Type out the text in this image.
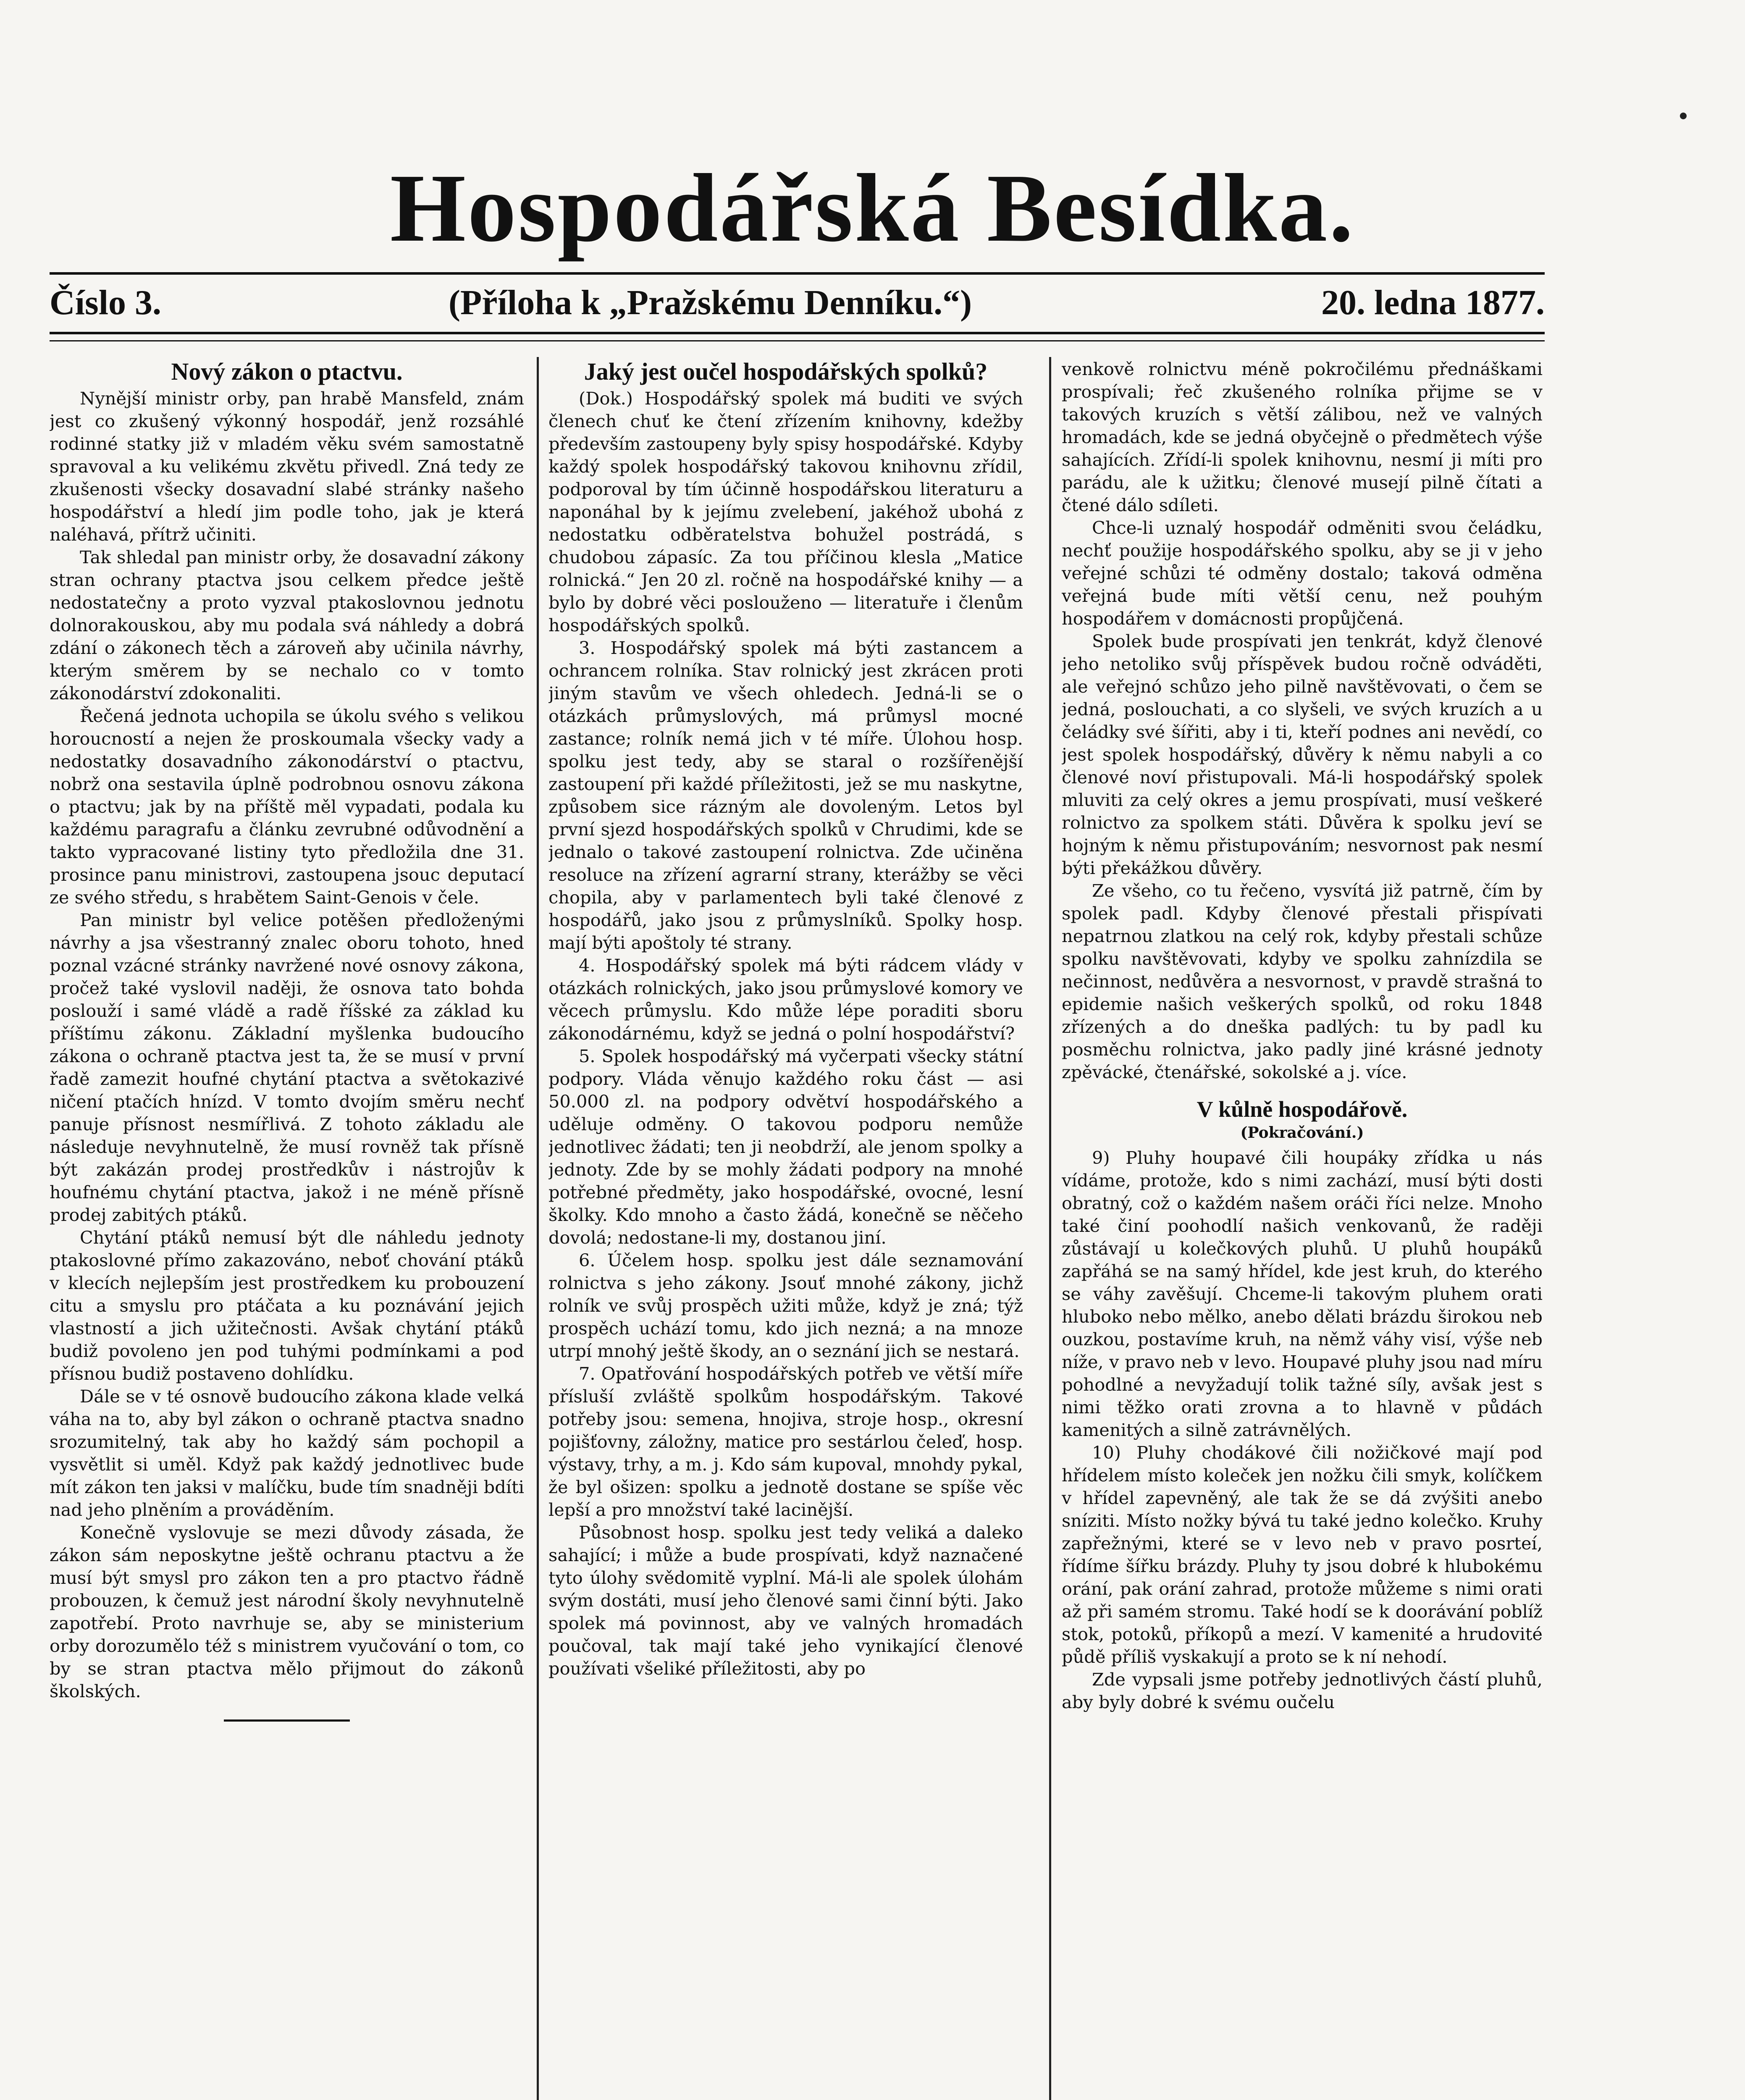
Hospodářská Besídka.
Číslo 3.	(Příloha k „Pražskému Denníku.“)	20. ledna 1877.
Nový zákon o ptactvu.

Nynější ministr orby, pan hrabě Mansfeld, znám jest co zkušený výkonný hospodář, jenž rozsáhlé rodinné statky již v mladém věku svém samostatně spravoval a ku velikému zkvětu přivedl. Zná tedy ze zkušenosti všecky dosavadní slabé stránky našeho hospodářství a hledí jim podle toho, jak je která naléhavá, přítrž učiniti.

Tak shledal pan ministr orby, že dosavadní zákony stran ochrany ptactva jsou celkem předce ještě nedostatečny a proto vyzval ptakoslovnou jednotu dolnorakouskou, aby mu podala svá náhledy a dobrá zdání o zákonech těch a zároveň aby učinila návrhy, kterým směrem by se nechalo co v tomto zákonodárství zdokonaliti.

Řečená jednota uchopila se úkolu svého s velikou horoucností a nejen že proskoumala všecky vady a nedostatky dosavadního zákonodárství o ptactvu, nobrž ona sestavila úplně podrobnou osnovu zákona o ptactvu; jak by na příště měl vypadati, podala ku každému paragrafu a článku zevrubné odůvodnění a takto vypracované listiny tyto předložila dne 31. prosince panu ministrovi, zastoupena jsouc deputací ze svého středu, s hrabětem Saint-Genois v čele.

Pan ministr byl velice potěšen předloženými návrhy a jsa všestranný znalec oboru tohoto, hned poznal vzácné stránky navržené nové osnovy zákona, pročež také vyslovil naději, že osnova tato bohda poslouží i samé vládě a radě říšské za základ ku příštímu zákonu. Základní myšlenka budoucího zákona o ochraně ptactva jest ta, že se musí v první řadě zamezit houfné chytání ptactva a světokazivé ničení ptačích hnízd. V tomto dvojím směru nechť panuje přísnost nesmířlivá. Z tohoto základu ale následuje nevyhnutelně, že musí rovněž tak přísně být zakázán prodej prostředkův i nástrojův k houfnému chytání ptactva, jakož i ne méně přísně prodej zabitých ptáků.

Chytání ptáků nemusí být dle náhledu jednoty ptakoslovné přímo zakazováno, neboť chování ptáků v klecích nejlepším jest prostředkem ku probouzení citu a smyslu pro ptáčata a ku poznávání jejich vlastností a jich užitečnosti. Avšak chytání ptáků budiž povoleno jen pod tuhými podmínkami a pod přísnou budiž postaveno dohlídku.

Dále se v té osnově budoucího zákona klade velká váha na to, aby byl zákon o ochraně ptactva snadno srozumitelný, tak aby ho každý sám pochopil a vysvětlit si uměl. Když pak každý jednotlivec bude mít zákon ten jaksi v malíčku, bude tím snadněji bdíti nad jeho plněním a prováděním.

Konečně vyslovuje se mezi důvody zásada, že zákon sám neposkytne ještě ochranu ptactvu a že musí být smysl pro zákon ten a pro ptactvo řádně probouzen, k čemuž jest národní školy nevyhnutelně zapotřebí. Proto navrhuje se, aby se ministerium orby dorozumělo též s ministrem vyučování o tom, co by se stran ptactva mělo přijmout do zákonů školských.

Jaký jest oučel hospodářských spolků?

(Dok.) Hospodářský spolek má buditi ve svých členech chuť ke čtení zřízením knihovny, kdežby především zastoupeny byly spisy hospodářské. Kdyby každý spolek hospodářský takovou knihovnu zřídil, podporoval by tím účinně hospodářskou literaturu a naponáhal by k jejímu zvelebení, jakéhož ubohá z nedostatku odběratelstva bohužel postrádá, s chudobou zápasíc. Za tou příčinou klesla „Matice rolnická.“ Jen 20 zl. ročně na hospodářské knihy — a bylo by dobré věci poslouženo — literatuře i členům hospodářských spolků.

3. Hospodářský spolek má býti zastancem a ochrancem rolníka. Stav rolnický jest zkrácen proti jiným stavům ve všech ohledech. Jedná-li se o otázkách průmyslových, má průmysl mocné zastance; rolník nemá jich v té míře. Úlohou hosp. spolku jest tedy, aby se staral o rozšířenější zastoupení při každé příležitosti, jež se mu naskytne, způsobem sice rázným ale dovoleným. Letos byl první sjezd hospodářských spolků v Chrudimi, kde se jednalo o takové zastoupení rolnictva. Zde učiněna resoluce na zřízení agrarní strany, kterážby se věci chopila, aby v parlamentech byli také členové z hospodářů, jako jsou z průmyslníků. Spolky hosp. mají býti apoštoly té strany.

4. Hospodářský spolek má býti rádcem vlády v otázkách rolnických, jako jsou průmyslové komory ve věcech průmyslu. Kdo může lépe poraditi sboru zákonodárnému, když se jedná o polní hospodářství?

5. Spolek hospodářský má vyčerpati všecky státní podpory. Vláda věnujo každého roku část — asi 50.000 zl. na podpory odvětví hospodářského a uděluje odměny. O takovou podporu nemůže jednotlivec žádati; ten ji neobdrží, ale jenom spolky a jednoty. Zde by se mohly žádati podpory na mnohé potřebné předměty, jako hospodářské, ovocné, lesní školky. Kdo mnoho a často žádá, konečně se něčeho dovolá; nedostane-li my, dostanou jiní.

6. Účelem hosp. spolku jest dále seznamování rolnictva s jeho zákony. Jsouť mnohé zákony, jichž rolník ve svůj prospěch užiti může, když je zná; týž prospěch uchází tomu, kdo jich nezná; a na mnoze utrpí mnohý ještě škody, an o seznání jich se nestará.

7. Opatřování hospodářských potřeb ve větší míře přísluší zvláště spolkům hospodářským. Takové potřeby jsou: semena, hnojiva, stroje hosp., okresní pojišťovny, záložny, matice pro sestárlou čeleď, hosp. výstavy, trhy, a m. j. Kdo sám kupoval, mnohdy pykal, že byl ošizen: spolku a jednotě dostane se spíše věc lepší a pro množství také lacinější.

Působnost hosp. spolku jest tedy veliká a daleko sahající; i může a bude prospívati, když naznačené tyto úlohy svědomitě vyplní. Má-li ale spolek úlohám svým dostáti, musí jeho členové sami činní býti. Jako spolek má povinnost, aby ve valných hromadách poučoval, tak mají také jeho vynikající členové používati všeliké příležitosti, aby po

venkově rolnictvu méně pokročilému přednáškami prospívali; řeč zkušeného rolníka přijme se v takových kruzích s větší zálibou, než ve valných hromadách, kde se jedná obyčejně o předmětech výše sahajících. Zřídí-li spolek knihovnu, nesmí ji míti pro parádu, ale k užitku; členové musejí pilně čítati a čtené dálo sdíleti.

Chce-li uznalý hospodář odměniti svou čeládku, nechť použije hospodářského spolku, aby se ji v jeho veřejné schůzi té odměny dostalo; taková odměna veřejná bude míti větší cenu, než pouhým hospodářem v domácnosti propůjčená.

Spolek bude prospívati jen tenkrát, když členové jeho netoliko svůj příspěvek budou ročně odváděti, ale veřejnó schůzo jeho pilně navštěvovati, o čem se jedná, poslouchati, a co slyšeli, ve svých kruzích a u čeládky své šířiti, aby i ti, kteří podnes ani nevědí, co jest spolek hospodářský, důvěry k němu nabyli a co členové noví přistupovali. Má-li hospodářský spolek mluviti za celý okres a jemu prospívati, musí veškeré rolnictvo za spolkem státi. Důvěra k spolku jeví se hojným k němu přistupováním; nesvornost pak nesmí býti překážkou důvěry.

Ze všeho, co tu řečeno, vysvítá již patrně, čím by spolek padl. Kdyby členové přestali přispívati nepatrnou zlatkou na celý rok, kdyby přestali schůze spolku navštěvovati, kdyby ve spolku zahnízdila se nečinnost, nedůvěra a nesvornost, v pravdě strašná to epidemie našich veškerých spolků, od roku 1848 zřízených a do dneška padlých: tu by padl ku posměchu rolnictva, jako padly jiné krásné jednoty zpěvácké, čtenářské, sokolské a j. více.

V kůlně hospodářově.
(Pokračování.)

9) Pluhy houpavé čili houpáky zřídka u nás vídáme, protože, kdo s nimi zachází, musí býti dosti obratný, což o každém našem oráči říci nelze. Mnoho také činí poohodlí našich venkovanů, že raději zůstávají u kolečkových pluhů. U pluhů houpáků zapřáhá se na samý hřídel, kde jest kruh, do kterého se váhy zavěšují. Chceme-li takovým pluhem orati hluboko nebo mělko, anebo dělati brázdu širokou neb ouzkou, postavíme kruh, na němž váhy visí, výše neb níže, v pravo neb v levo. Houpavé pluhy jsou nad míru pohodlné a nevyžadují tolik tažné síly, avšak jest s nimi těžko orati zrovna a to hlavně v půdách kamenitých a silně zatrávnělých.

10) Pluhy chodákové čili nožičkové mají pod hřídelem místo koleček jen nožku čili smyk, kolíčkem v hřídel zapevněný, ale tak že se dá zvýšiti anebo sníziti. Místo nožky bývá tu také jedno kolečko. Kruhy zapřežnými, které se v levo neb v pravo posrteí, řídíme šířku brázdy. Pluhy ty jsou dobré k hlubokému orání, pak orání zahrad, protože můžeme s nimi orati až při samém stromu. Také hodí se k doorávání poblíž stok, potoků, příkopů a mezí. V kamenité a hrudovité půdě příliš vyskakují a proto se k ní nehodí.

Zde vypsali jsme potřeby jednotlivých částí pluhů, aby byly dobré k svému oučelu
